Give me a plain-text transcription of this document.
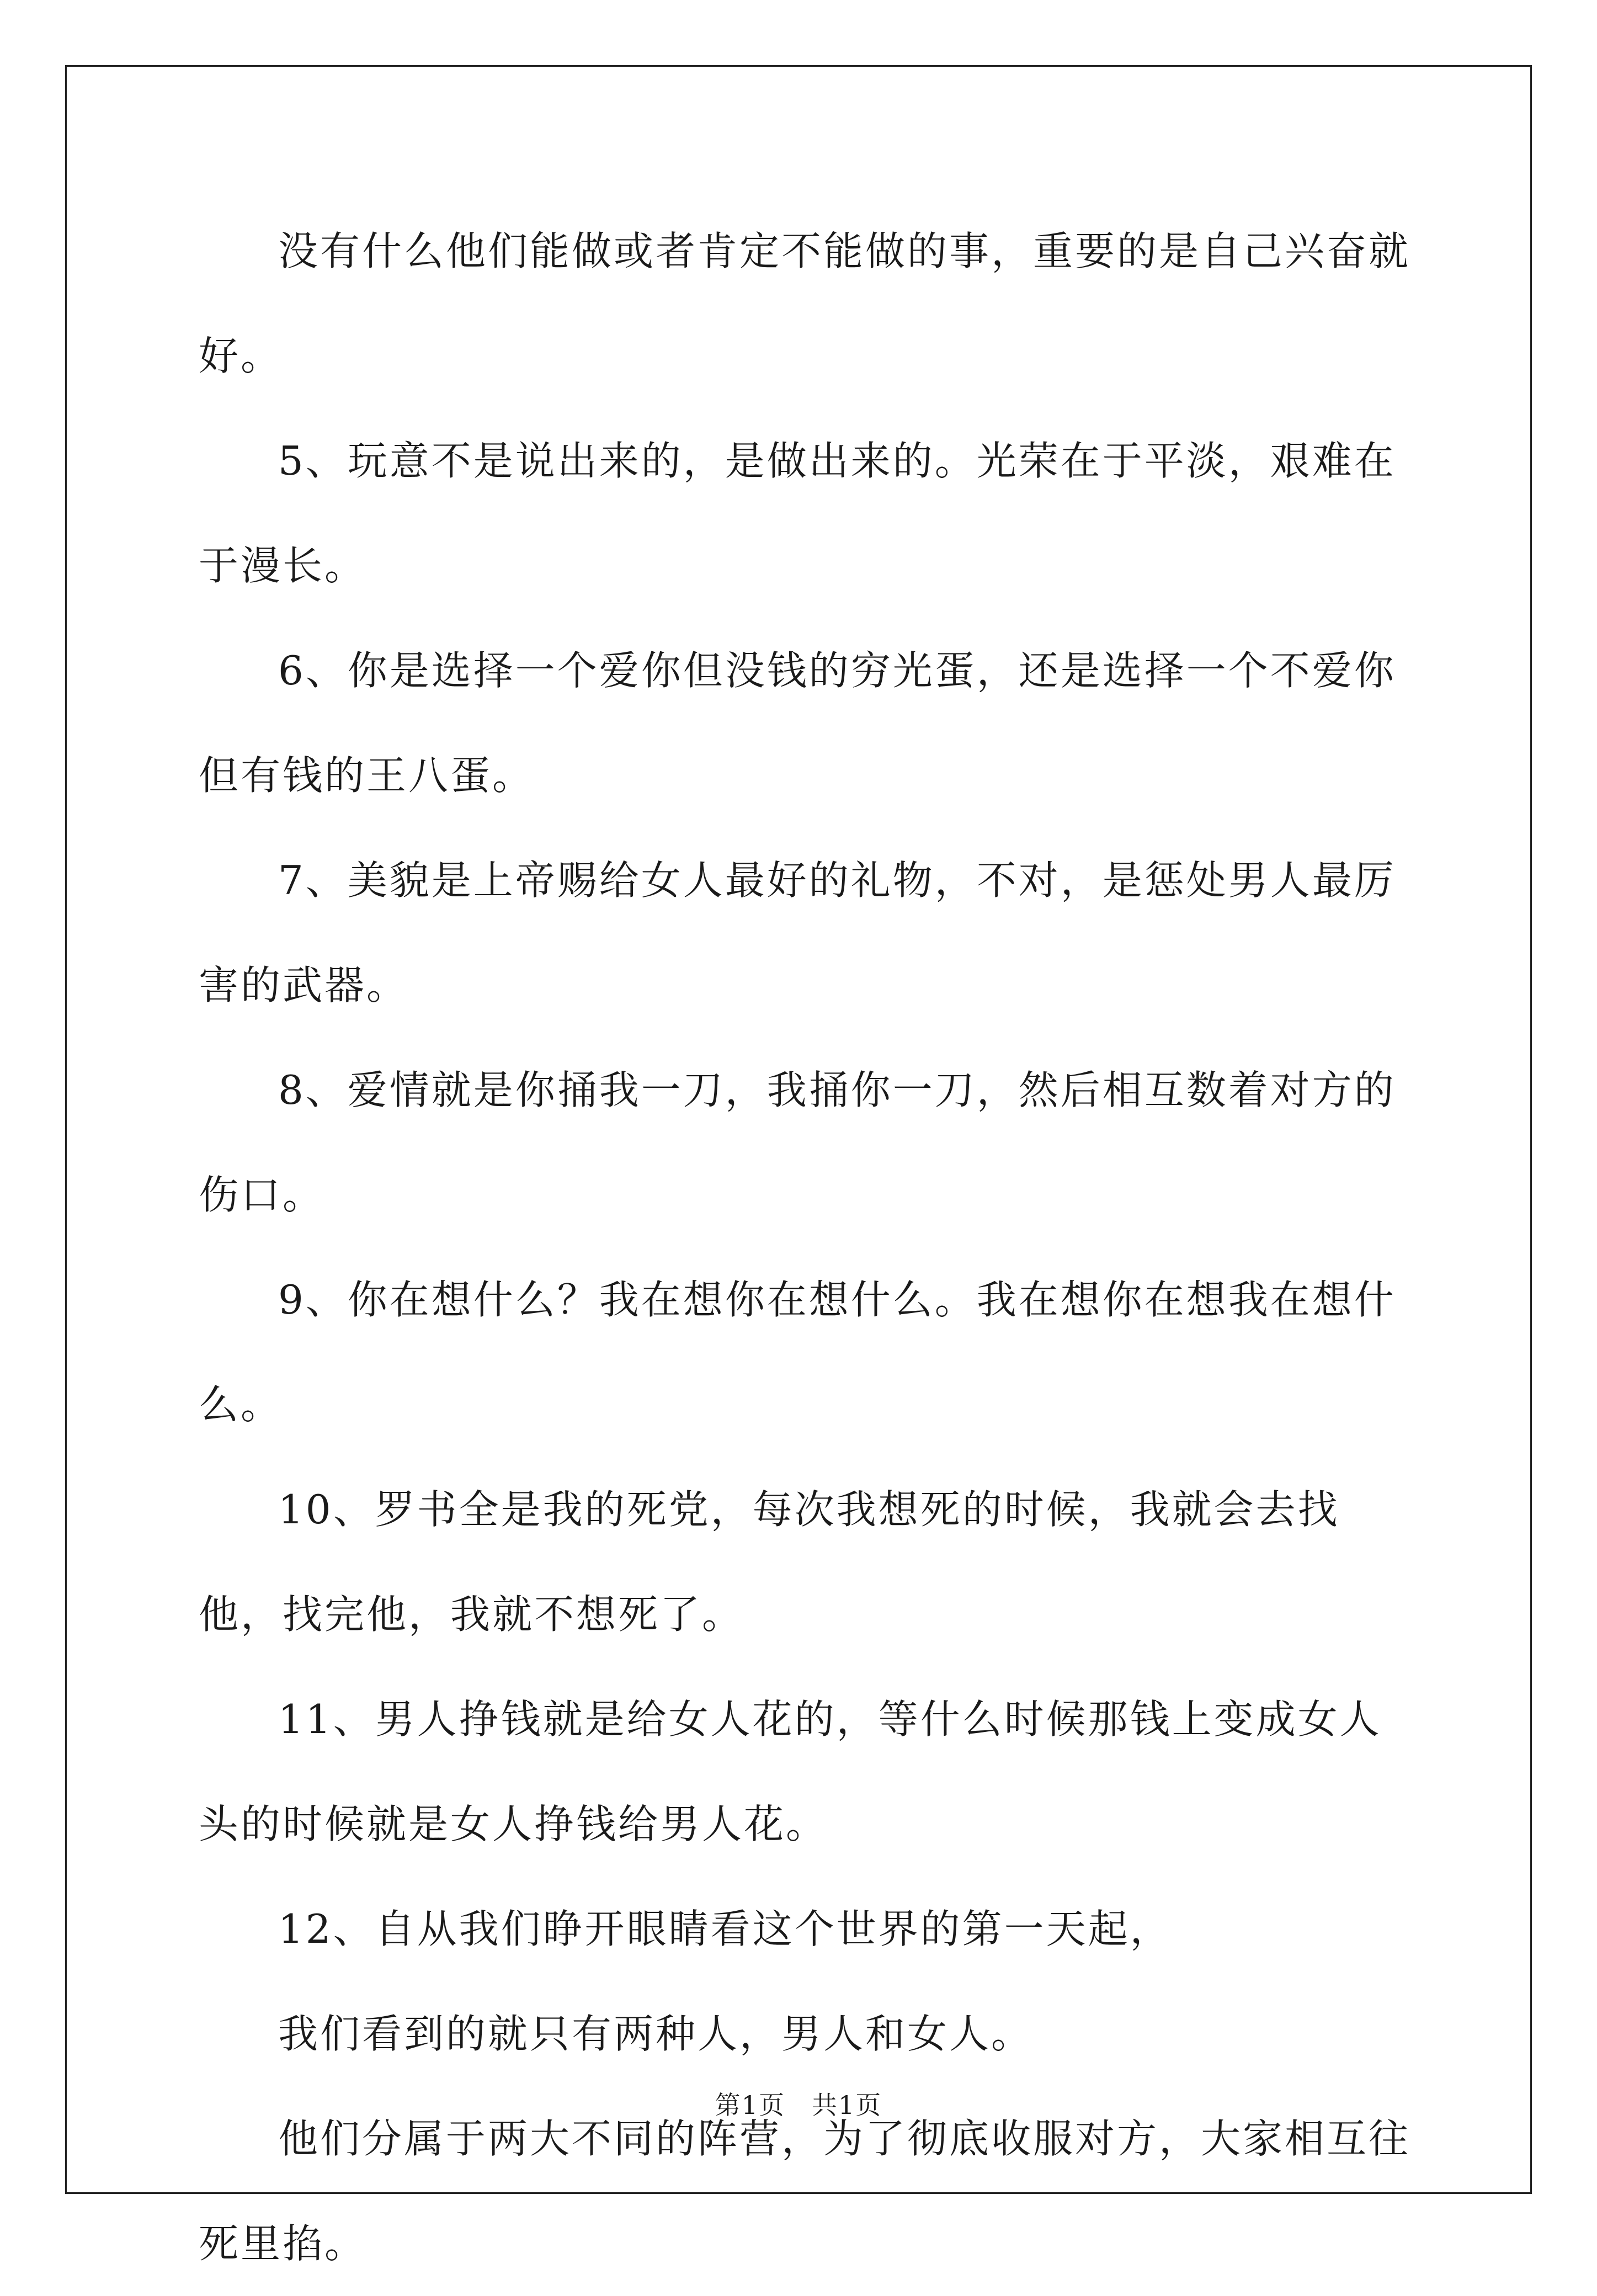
没有什么他们能做或者肯定不能做的事，重要的是自己兴奋就好。

5、玩意不是说出来的，是做出来的。光荣在于平淡，艰难在于漫长。

6、你是选择一个爱你但没钱的穷光蛋，还是选择一个不爱你但有钱的王八蛋。

7、美貌是上帝赐给女人最好的礼物，不对，是惩处男人最厉害的武器。

8、爱情就是你捅我一刀，我捅你一刀，然后相互数着对方的伤口。

9、你在想什么？我在想你在想什么。我在想你在想我在想什么。

10、罗书全是我的死党，每次我想死的时候，我就会去找他，找完他，我就不想死了。

11、男人挣钱就是给女人花的，等什么时候那钱上变成女人头的时候就是女人挣钱给男人花。

12、自从我们睁开眼睛看这个世界的第一天起，

我们看到的就只有两种人，男人和女人。

他们分属于两大不同的阵营，为了彻底收服对方，大家相互往死里掐。

第1页　共1页
